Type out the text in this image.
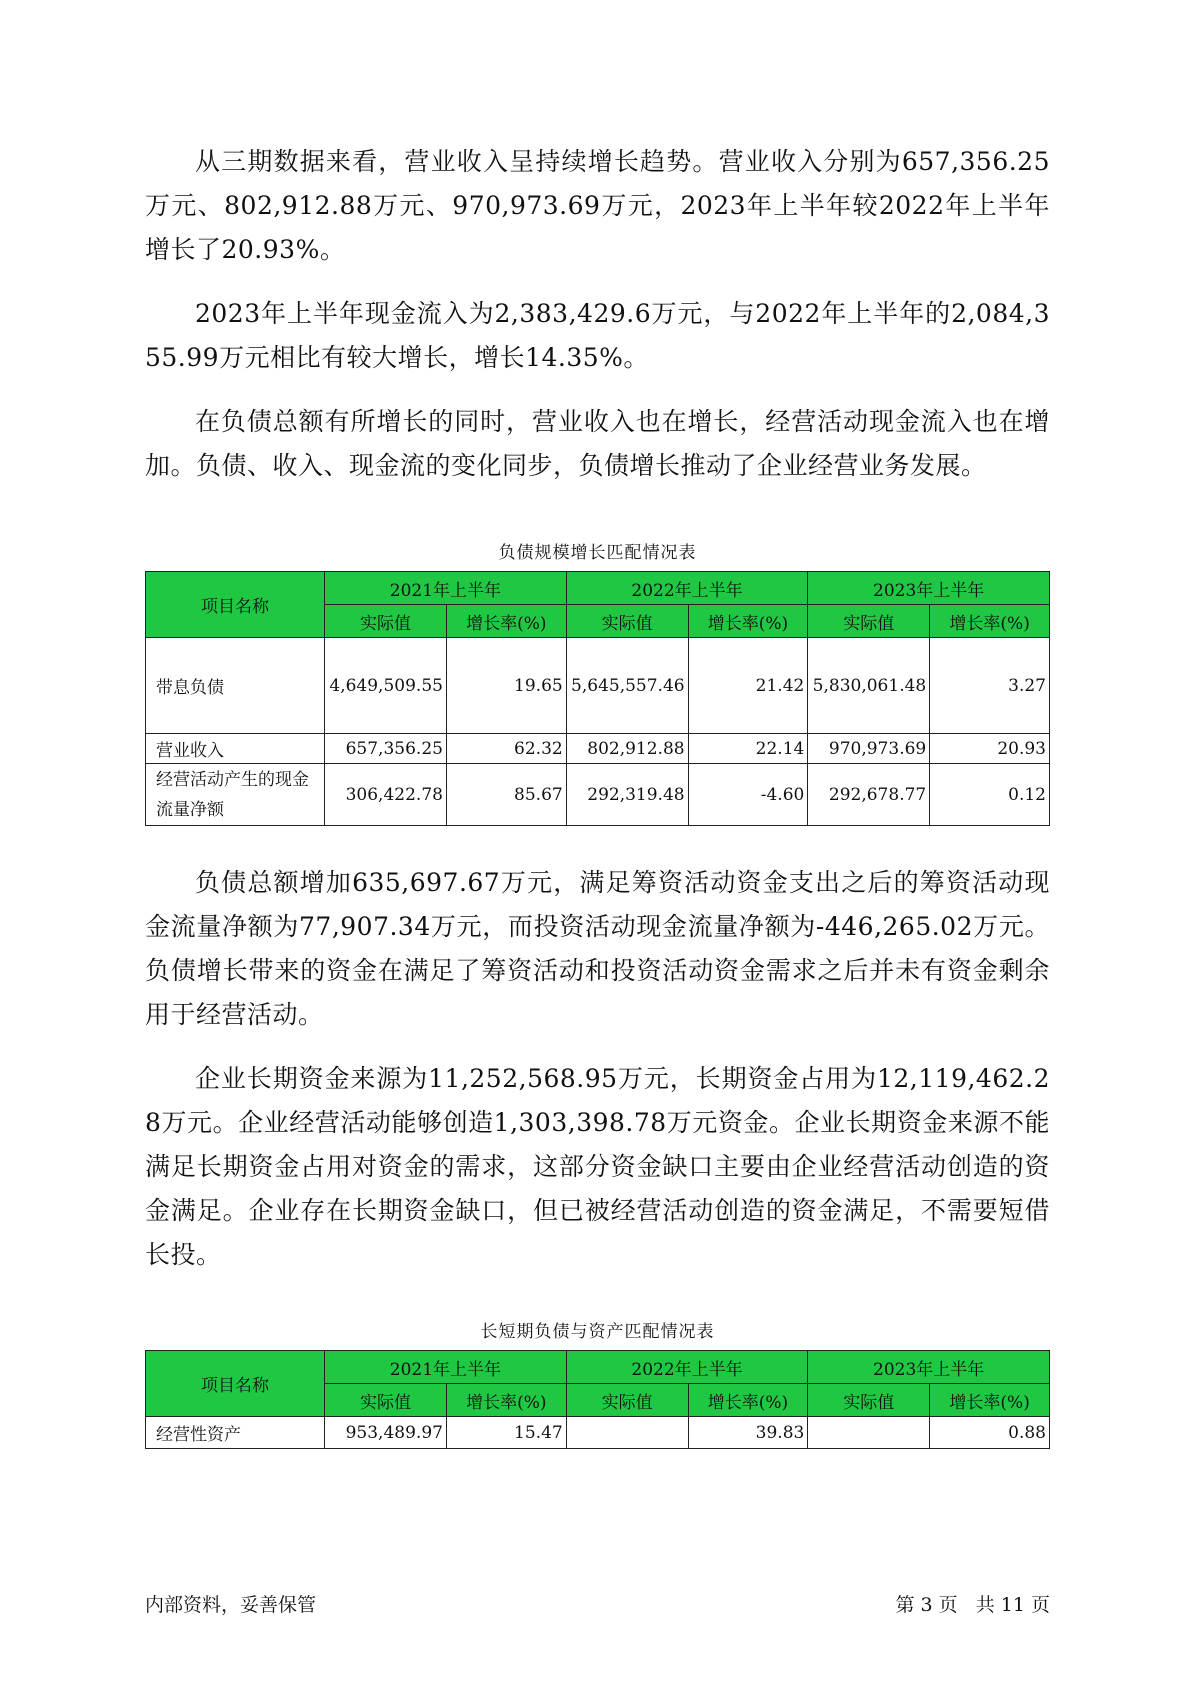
从三期数据来看，营业收入呈持续增长趋势。营业收入分别为657,356.25万元、802,912.88万元、970,973.69万元，2023年上半年较2022年上半年增长了20.93%。

2023年上半年现金流入为2,383,429.6万元，与2022年上半年的2,084,355.99万元相比有较大增长，增长14.35%。

在负债总额有所增长的同时，营业收入也在增长，经营活动现金流入也在增加。负债、收入、现金流的变化同步，负债增长推动了企业经营业务发展。

负债规模增长匹配情况表
项目名称	2021年上半年		2022年上半年		2023年上半年	
	实际值	增长率(%)	实际值	增长率(%)	实际值	增长率(%)
带息负债	4,649,509.55	19.65	5,645,557.46	21.42	5,830,061.48	3.27
营业收入	657,356.25	62.32	802,912.88	22.14	970,973.69	20.93
经营活动产生的现金流量净额	306,422.78	85.67	292,319.48	-4.60	292,678.77	0.12

负债总额增加635,697.67万元，满足筹资活动资金支出之后的筹资活动现金流量净额为77,907.34万元，而投资活动现金流量净额为-446,265.02万元。负债增长带来的资金在满足了筹资活动和投资活动资金需求之后并未有资金剩余用于经营活动。

企业长期资金来源为11,252,568.95万元，长期资金占用为12,119,462.28万元。企业经营活动能够创造1,303,398.78万元资金。企业长期资金来源不能满足长期资金占用对资金的需求，这部分资金缺口主要由企业经营活动创造的资金满足。企业存在长期资金缺口，但已被经营活动创造的资金满足，不需要短借长投。

长短期负债与资产匹配情况表
项目名称	2021年上半年		2022年上半年		2023年上半年	
	实际值	增长率(%)	实际值	增长率(%)	实际值	增长率(%)
经营性资产	953,489.97	15.47		39.83		0.88
内部资料，妥善保管	第 3 页   共 11 页
